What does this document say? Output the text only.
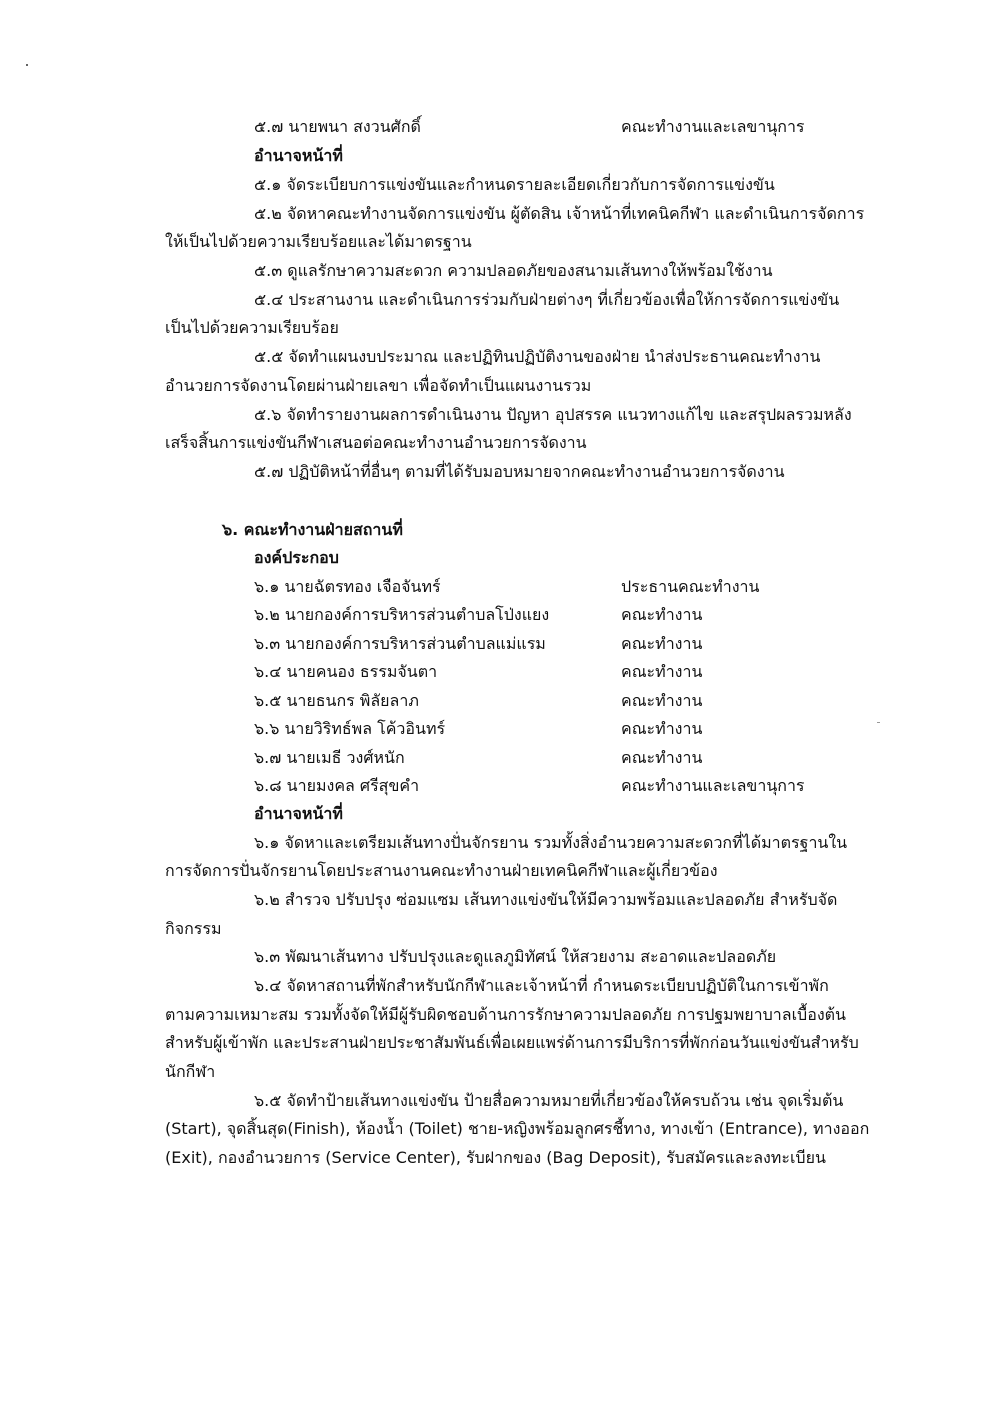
๕.๗ นายพนา สงวนศักดิ์	คณะทำงานและเลขานุการ
อำนาจหน้าที่
๕.๑ จัดระเบียบการแข่งขันและกำหนดรายละเอียดเกี่ยวกับการจัดการแข่งขัน
๕.๒ จัดหาคณะทำงานจัดการแข่งขัน ผู้ตัดสิน เจ้าหน้าที่เทคนิคกีฬา และดำเนินการจัดการ
ให้เป็นไปด้วยความเรียบร้อยและได้มาตรฐาน
๕.๓ ดูแลรักษาความสะดวก ความปลอดภัยของสนามเส้นทางให้พร้อมใช้งาน
๕.๔ ประสานงาน และดำเนินการร่วมกับฝ่ายต่างๆ ที่เกี่ยวข้องเพื่อให้การจัดการแข่งขัน
เป็นไปด้วยความเรียบร้อย
๕.๕ จัดทำแผนงบประมาณ และปฏิทินปฏิบัติงานของฝ่าย นำส่งประธานคณะทำงาน
อำนวยการจัดงานโดยผ่านฝ่ายเลขา เพื่อจัดทำเป็นแผนงานรวม
๕.๖ จัดทำรายงานผลการดำเนินงาน ปัญหา อุปสรรค แนวทางแก้ไข และสรุปผลรวมหลัง
เสร็จสิ้นการแข่งขันกีฬาเสนอต่อคณะทำงานอำนวยการจัดงาน
๕.๗ ปฏิบัติหน้าที่อื่นๆ ตามที่ได้รับมอบหมายจากคณะทำงานอำนวยการจัดงาน
๖. คณะทำงานฝ่ายสถานที่
องค์ประกอบ
๖.๑ นายฉัตรทอง เจือจันทร์	ประธานคณะทำงาน
๖.๒ นายกองค์การบริหารส่วนตำบลโป่งแยง	คณะทำงาน
๖.๓ นายกองค์การบริหารส่วนตำบลแม่แรม	คณะทำงาน
๖.๔ นายคนอง ธรรมจันตา	คณะทำงาน
๖.๕ นายธนกร พิลัยลาภ	คณะทำงาน
๖.๖ นายวิริทธ์พล โค้วอินทร์	คณะทำงาน
๖.๗ นายเมธี วงศ์หนัก	คณะทำงาน
๖.๘ นายมงคล ศรีสุขคำ	คณะทำงานและเลขานุการ
อำนาจหน้าที่
๖.๑ จัดหาและเตรียมเส้นทางปั่นจักรยาน รวมทั้งสิ่งอำนวยความสะดวกที่ได้มาตรฐานใน
การจัดการปั่นจักรยานโดยประสานงานคณะทำงานฝ่ายเทคนิคกีฬาและผู้เกี่ยวข้อง
๖.๒ สำรวจ ปรับปรุง ซ่อมแซม เส้นทางแข่งขันให้มีความพร้อมและปลอดภัย สำหรับจัด
กิจกรรม
๖.๓ พัฒนาเส้นทาง ปรับปรุงและดูแลภูมิทัศน์ ให้สวยงาม สะอาดและปลอดภัย
๖.๔ จัดหาสถานที่พักสำหรับนักกีฬาและเจ้าหน้าที่ กำหนดระเบียบปฏิบัติในการเข้าพัก
ตามความเหมาะสม รวมทั้งจัดให้มีผู้รับผิดชอบด้านการรักษาความปลอดภัย การปฐมพยาบาลเบื้องต้น
สำหรับผู้เข้าพัก และประสานฝ่ายประชาสัมพันธ์เพื่อเผยแพร่ด้านการมีบริการที่พักก่อนวันแข่งขันสำหรับ
นักกีฬา
๖.๕ จัดทำป้ายเส้นทางแข่งขัน ป้ายสื่อความหมายที่เกี่ยวข้องให้ครบถ้วน เช่น จุดเริ่มต้น
(Start), จุดสิ้นสุด(Finish), ห้องน้ำ (Toilet) ชาย-หญิงพร้อมลูกศรชี้ทาง, ทางเข้า (Entrance), ทางออก
(Exit), กองอำนวยการ (Service Center), รับฝากของ (Bag Deposit), รับสมัครและลงทะเบียน
